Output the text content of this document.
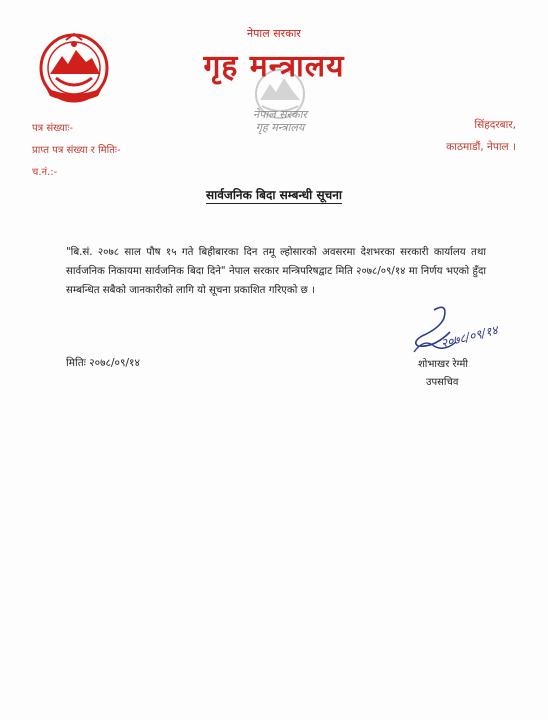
नेपाल सरकार
गृह मन्त्रालय
नेपाल सरकार
गृह मन्त्रालय
पत्र संख्याः-
प्राप्त पत्र संख्या र मितिः-
च.नं.:-
सिंहदरबार,
काठमाडौं, नेपाल ।
सार्वजनिक बिदा सम्बन्धी सूचना
"बि.सं. २०७८ साल पौष १५ गते बिहीबारका दिन तमू ल्होसारको अवसरमा देशभरका सरकारी कार्यालय तथा सार्वजनिक निकायमा सार्वजनिक बिदा दिने" नेपाल सरकार मन्त्रिपरिषद्वाट मिति २०७८/०९/१४ मा निर्णय भएको हुँदा सम्बन्धित सबैको जानकारीको लागि यो सूचना प्रकाशित गरिएको छ ।
मितिः २०७८/०९/१४
२०७८/०९/१४
शोभाखर रेग्मी
उपसचिव
